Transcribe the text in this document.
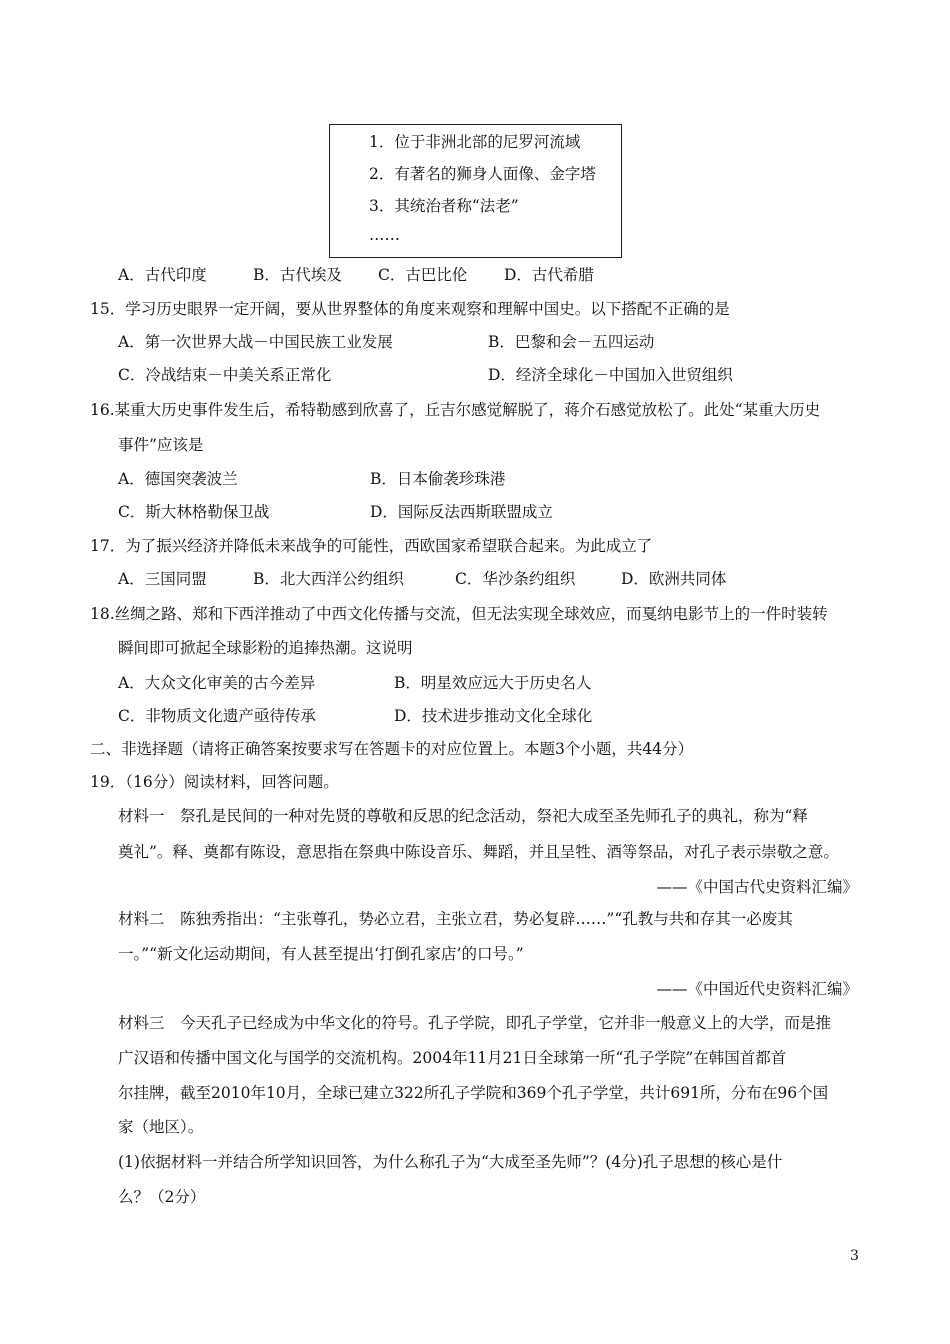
1．位于非洲北部的尼罗河流域
2．有著名的狮身人面像、金字塔
3．其统治者称“法老”
……
A．古代印度	B．古代埃及 C．古巴比伦 D．古代希腊
15．学习历史眼界一定开阔，要从世界整体的角度来观察和理解中国史。以下搭配不正确的是
A．第一次世界大战－中国民族工业发展	B．巴黎和会－五四运动
C．冷战结束－中美关系正常化	D．经济全球化－中国加入世贸组织
16.某重大历史事件发生后，希特勒感到欣喜了，丘吉尔感觉解脱了，蒋介石感觉放松了。此处“某重大历史
事件”应该是
A．德国突袭波兰	B．日本偷袭珍珠港
C．斯大林格勒保卫战	D．国际反法西斯联盟成立
17．为了振兴经济并降低未来战争的可能性，西欧国家希望联合起来。为此成立了
A．三国同盟	B．北大西洋公约组织	C．华沙条约组织	D．欧洲共同体
18.丝绸之路、郑和下西洋推动了中西文化传播与交流，但无法实现全球效应，而戛纳电影节上的一件时装转
瞬间即可掀起全球影粉的追捧热潮。这说明
A．大众文化审美的古今差异	B．明星效应远大于历史名人
C．非物质文化遗产亟待传承	D．技术进步推动文化全球化
二、非选择题（请将正确答案按要求写在答题卡的对应位置上。本题3个小题，共44分）
19．（16分）阅读材料，回答问题。
材料一　祭孔是民间的一种对先贤的尊敬和反思的纪念活动，祭祀大成至圣先师孔子的典礼，称为“释
奠礼”。释、奠都有陈设，意思指在祭典中陈设音乐、舞蹈，并且呈牲、酒等祭品，对孔子表示崇敬之意。
——《中国古代史资料汇编》
材料二　陈独秀指出：“主张尊孔，势必立君，主张立君，势必复辟……”“孔教与共和存其一必废其
一。”“新文化运动期间，有人甚至提出‘打倒孔家店’的口号。”
——《中国近代史资料汇编》
材料三　今天孔子已经成为中华文化的符号。孔子学院，即孔子学堂，它并非一般意义上的大学，而是推
广汉语和传播中国文化与国学的交流机构。2004年11月21日全球第一所“孔子学院”在韩国首都首
尔挂牌，截至2010年10月，全球已建立322所孔子学院和369个孔子学堂，共计691所，分布在96个国
家（地区）。
(1)依据材料一并结合所学知识回答，为什么称孔子为“大成至圣先师”？(4分)孔子思想的核心是什
么？（2分）
3
